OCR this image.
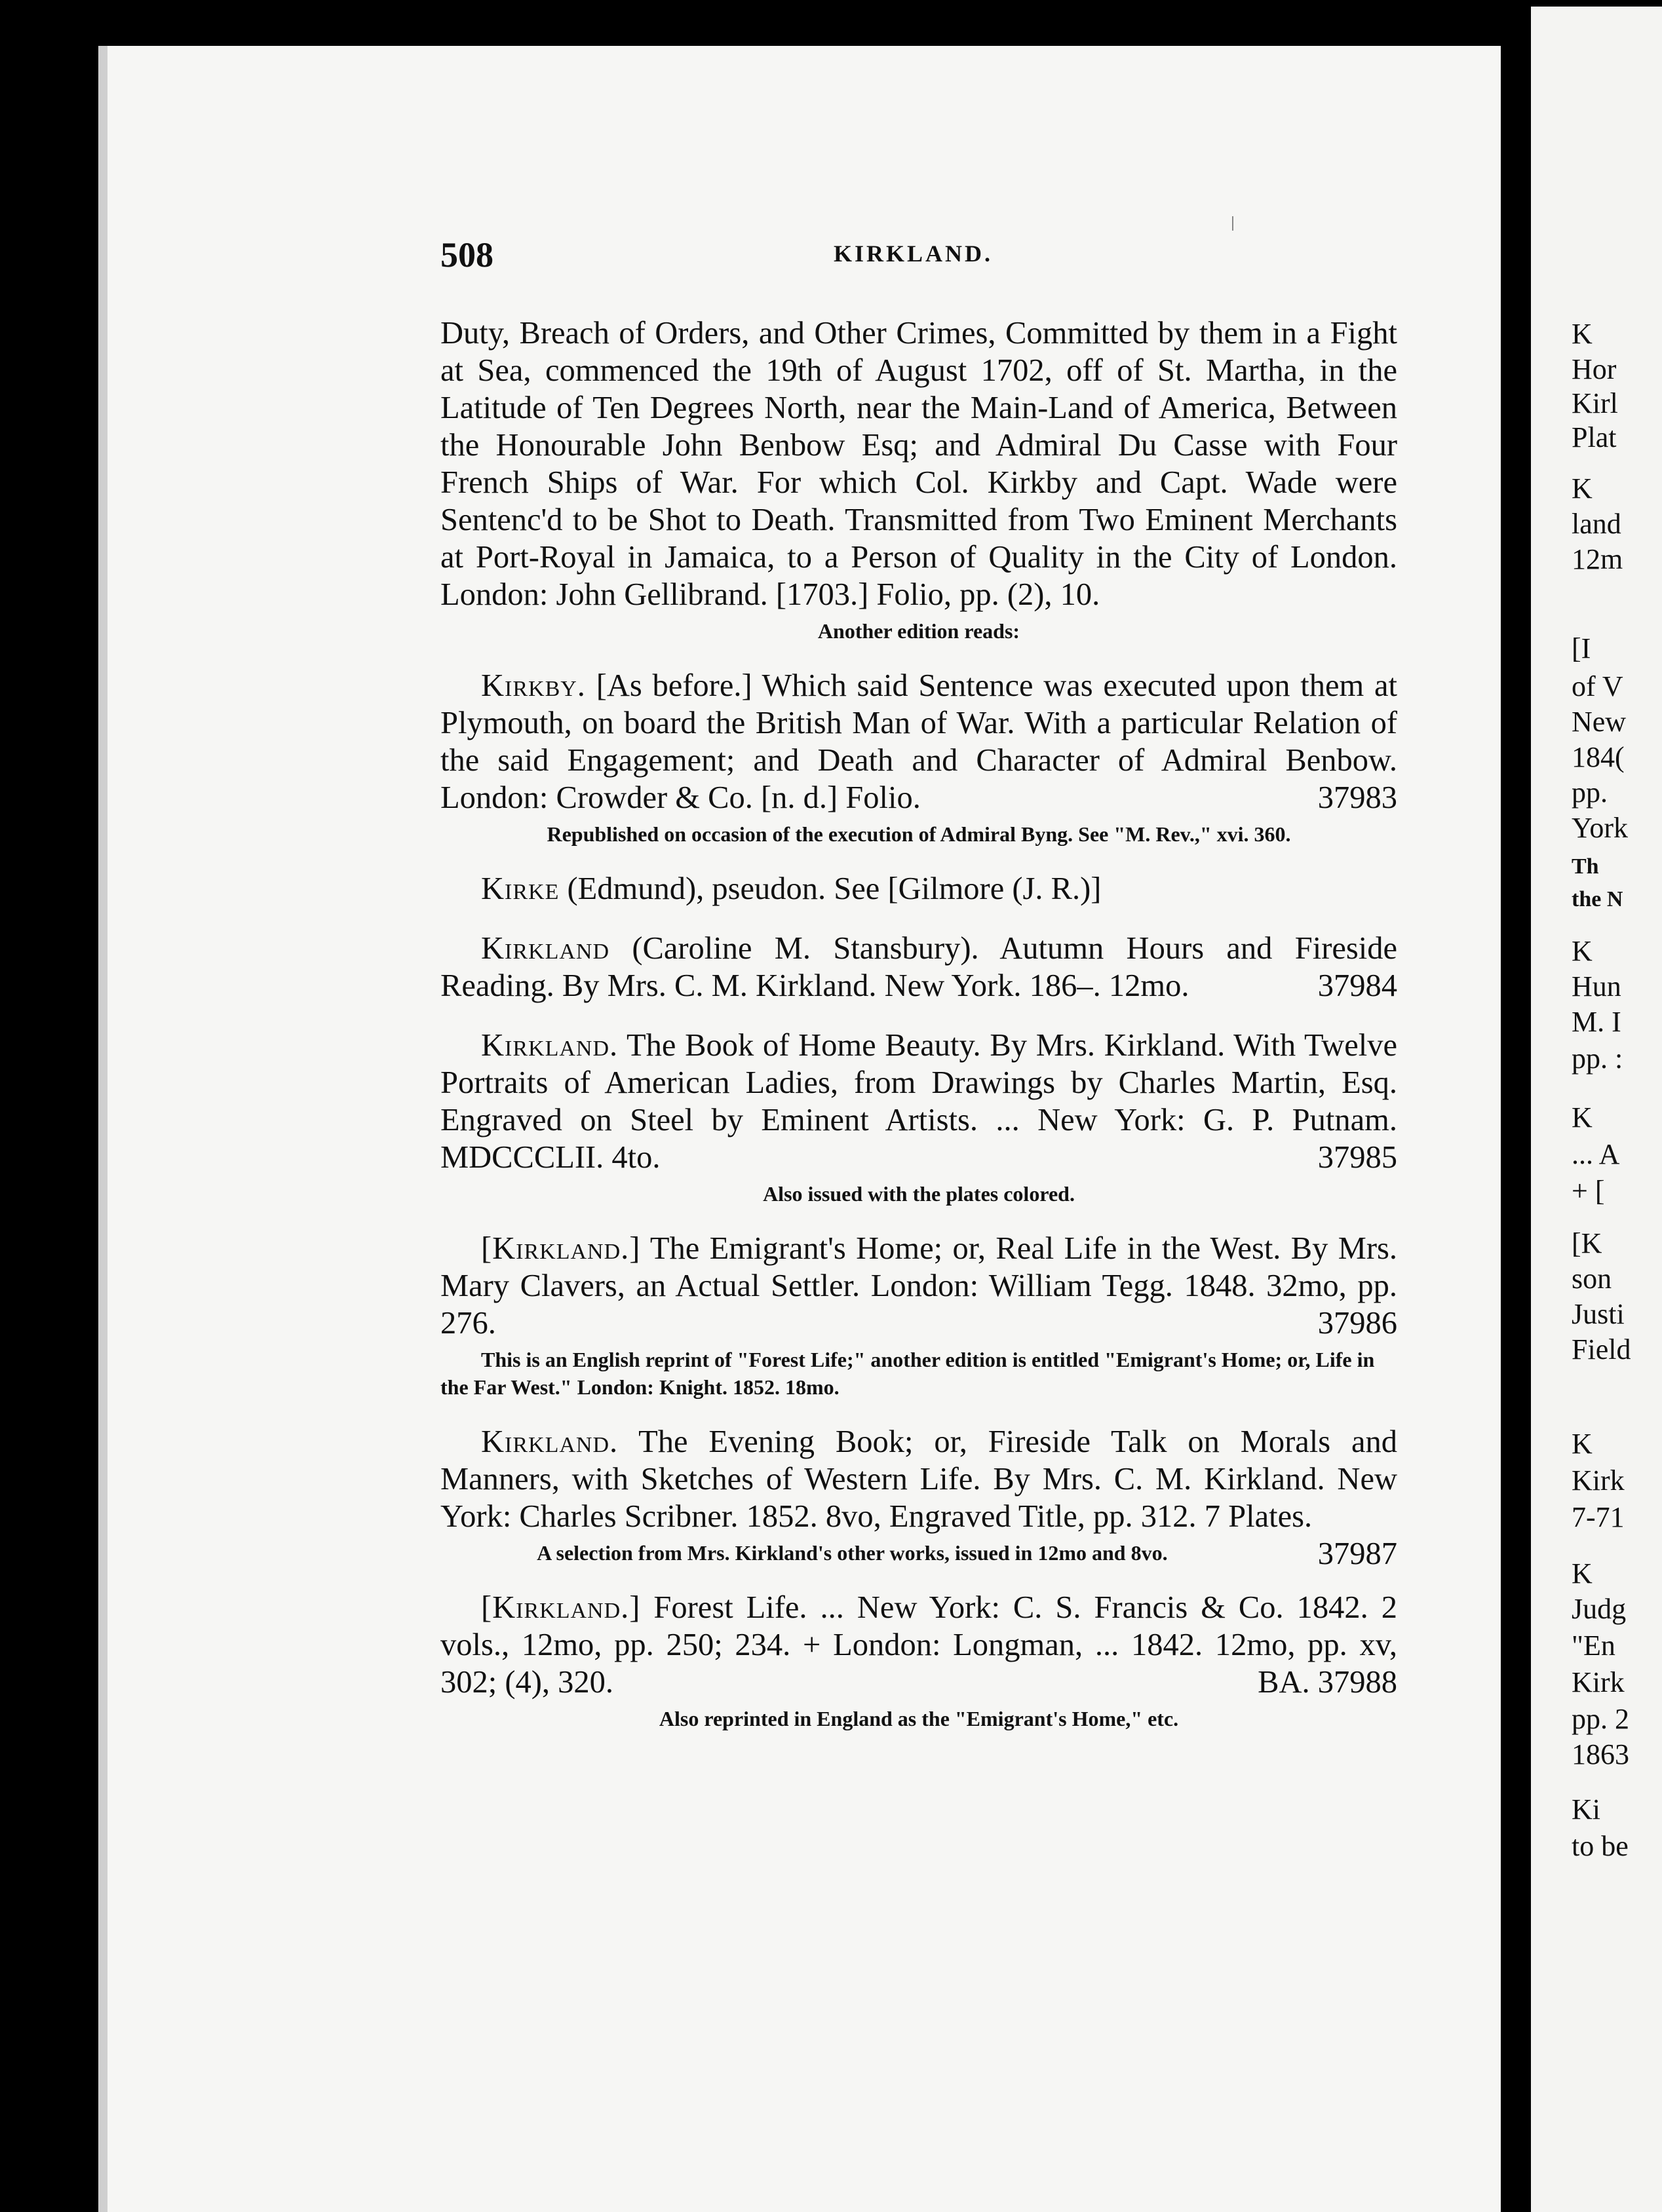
508	KIRKLAND.

Duty, Breach of Orders, and Other Crimes, Committed by them in a Fight at Sea, commenced the 19th of August 1702, off of St. Martha, in the Latitude of Ten Degrees North, near the Main-Land of America, Between the Honourable John Benbow Esq; and Admiral Du Casse with Four French Ships of War. For which Col. Kirkby and Capt. Wade were Sentenc'd to be Shot to Death. Transmitted from Two Eminent Merchants at Port-Royal in Jamaica, to a Person of Quality in the City of London. London: John Gellibrand. [1703.] Folio, pp. (2), 10.

Another edition reads:

Kirkby. [As before.] Which said Sentence was executed upon them at Plymouth, on board the British Man of War. With a particular Relation of the said Engagement; and Death and Character of Admiral Benbow. London: Crowder & Co. [n. d.] Folio.	37983

Republished on occasion of the execution of Admiral Byng. See "M. Rev.," xvi. 360.

Kirke (Edmund), pseudon. See [Gilmore (J. R.)]

Kirkland (Caroline M. Stansbury). Autumn Hours and Fireside Reading. By Mrs. C. M. Kirkland. New York. 186–. 12mo.	37984

Kirkland. The Book of Home Beauty. By Mrs. Kirkland. With Twelve Portraits of American Ladies, from Drawings by Charles Martin, Esq. Engraved on Steel by Eminent Artists. ... New York: G. P. Putnam. MDCCCLII. 4to.	37985

Also issued with the plates colored.

[Kirkland.] The Emigrant's Home; or, Real Life in the West. By Mrs. Mary Clavers, an Actual Settler. London: William Tegg. 1848. 32mo, pp. 276.	37986

This is an English reprint of "Forest Life;" another edition is entitled "Emigrant's Home; or, Life in the Far West." London: Knight. 1852. 18mo.

Kirkland. The Evening Book; or, Fireside Talk on Morals and Manners, with Sketches of Western Life. By Mrs. C. M. Kirkland. New York: Charles Scribner. 1852. 8vo, Engraved Title, pp. 312. 7 Plates.
37987

A selection from Mrs. Kirkland's other works, issued in 12mo and 8vo.

[Kirkland.] Forest Life. ... New York: C. S. Francis & Co. 1842. 2 vols., 12mo, pp. 250; 234. + London: Longman, ... 1842. 12mo, pp. xv, 302; (4), 320.	BA. 37988

Also reprinted in England as the "Emigrant's Home," etc.

K
Hor
Kirl
Plat
K
land
12m
[I
of V
New
184(
pp.
York
Th
the N
K
Hun
M. I
pp. :
K
... A
+ [
[K
son
Justi
Field
K
Kirk
7-71
K
Judg
"En
Kirk
pp. 2
1863
Ki
to be
